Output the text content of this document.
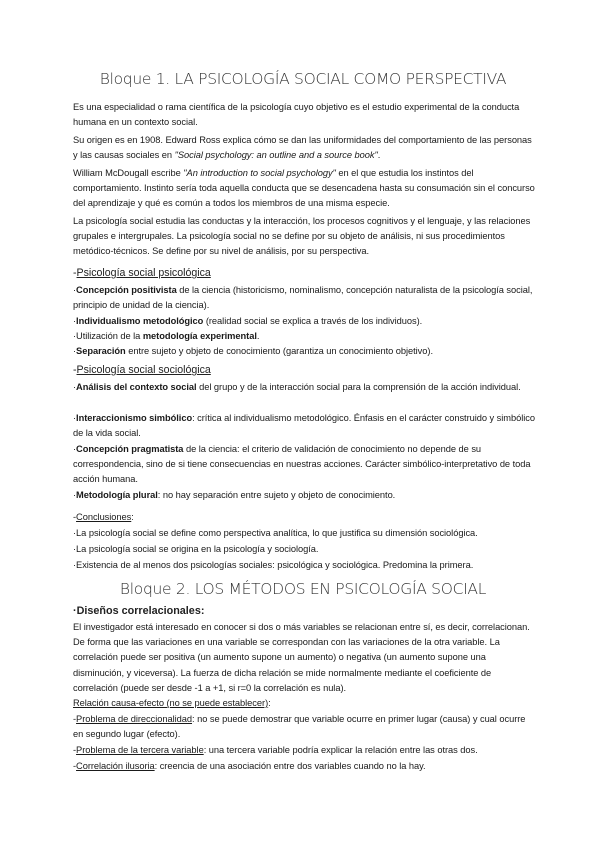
Bloque 1. LA PSICOLOGÍA SOCIAL COMO PERSPECTIVA
Es una especialidad o rama científica de la psicología cuyo objetivo es el estudio experimental de la conducta humana en un contexto social.
Su origen es en 1908. Edward Ross explica cómo se dan las uniformidades del comportamiento de las personas y las causas sociales en "Social psychology: an outline and a source book".
William McDougall escribe "An introduction to social psychology" en el que estudia los instintos del comportamiento. Instinto sería toda aquella conducta que se desencadena hasta su consumación sin el concurso del aprendizaje y qué es común a todos los miembros de una misma especie.
La psicología social estudia las conductas y la interacción, los procesos cognitivos y el lenguaje, y las relaciones grupales e intergrupales. La psicología social no se define por su objeto de análisis, ni sus procedimientos metódico-técnicos. Se define por su nivel de análisis, por su perspectiva.
-Psicología social psicológica
·Concepción positivista de la ciencia (historicismo, nominalismo, concepción naturalista de la psicología social, principio de unidad de la ciencia).
·Individualismo metodológico (realidad social se explica a través de los individuos).
·Utilización de la metodología experimental.
·Separación entre sujeto y objeto de conocimiento (garantiza un conocimiento objetivo).
-Psicología social sociológica
·Análisis del contexto social del grupo y de la interacción social para la comprensión de la acción individual.
·Interaccionismo simbólico: crítica al individualismo metodológico. Énfasis en el carácter construido y simbólico de la vida social.
·Concepción pragmatista de la ciencia: el criterio de validación de conocimiento no depende de su correspondencia, sino de si tiene consecuencias en nuestras acciones. Carácter simbólico-interpretativo de toda acción humana.
·Metodología plural: no hay separación entre sujeto y objeto de conocimiento.
-Conclusiones:
·La psicología social se define como perspectiva analítica, lo que justifica su dimensión sociológica.
·La psicología social se origina en la psicología y sociología.
·Existencia de al menos dos psicologías sociales: psicológica y sociológica. Predomina la primera.
Bloque 2. LOS MÉTODOS EN PSICOLOGÍA SOCIAL
·Diseños correlacionales:
El investigador está interesado en conocer si dos o más variables se relacionan entre sí, es decir, correlacionan. De forma que las variaciones en una variable se correspondan con las variaciones de la otra variable. La correlación puede ser positiva (un aumento supone un aumento) o negativa (un aumento supone una disminución, y viceversa). La fuerza de dicha relación se mide normalmente mediante el coeficiente de correlación (puede ser desde -1 a +1, si r=0 la correlación es nula).
Relación causa-efecto (no se puede establecer):
-Problema de direccionalidad: no se puede demostrar que variable ocurre en primer lugar (causa) y cual ocurre en segundo lugar (efecto).
-Problema de la tercera variable: una tercera variable podría explicar la relación entre las otras dos.
-Correlación ilusoria: creencia de una asociación entre dos variables cuando no la hay.
